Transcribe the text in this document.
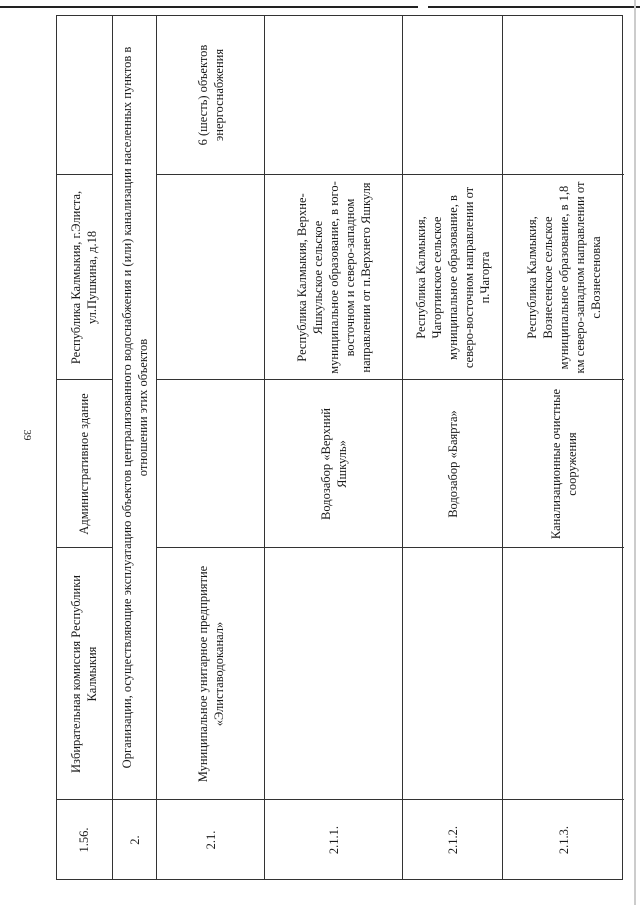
39
1.56.
Избирательная комиссия Республики Калмыкия
Административное здание
Республика Калмыкия, г.Элиста, ул.Пушкина, д.18
2.
Организации, осуществляющие эксплуатацию объектов централизованного водоснабжения и (или) канализации населенных пунктов в отношении этих объектов
2.1.
Муниципальное унитарное предприятие «Элиставодоканал»
6 (шесть) объектов энергоснабжения
2.1.1.
Водозабор «Верхний Яшкуль»
Республика Калмыкия, Верхне-Яшкульское сельское муниципальное образование, в юго-восточном и северо-западном направлении от п.Верхнего Яшкуля
2.1.2.
Водозабор «Баярта»
Республика Калмыкия, Чагортинское сельское муниципальное образование, в северо-восточном направлении от п.Чагорта
2.1.3.
Канализационные очистные сооружения
Республика Калмыкия, Вознесенское сельское муниципальное образование, в 1,8 км северо-западном направлении от с.Вознесеновка
